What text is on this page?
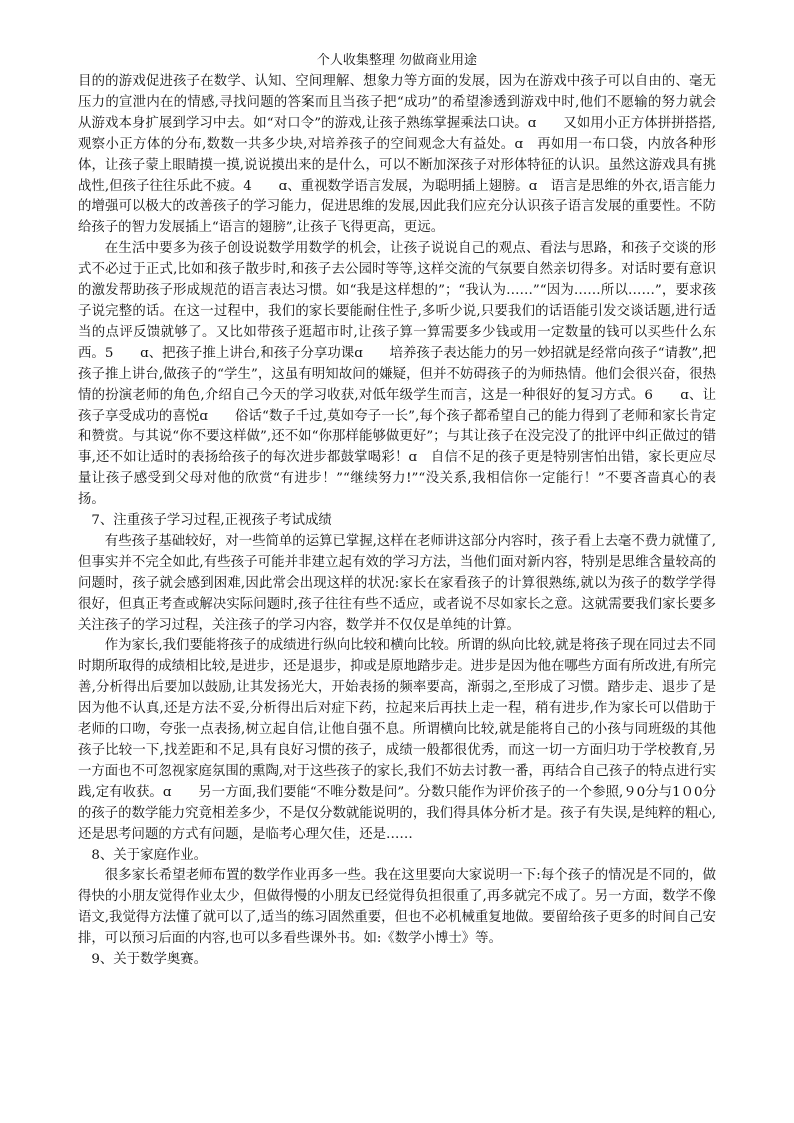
个人收集整理 勿做商业用途

目的的游戏促进孩子在数学、认知、空间理解、想象力等方面的发展，因为在游戏中孩子可以自由的、毫无压力的宣泄内在的情感,寻找问题的答案而且当孩子把“成功”的希望渗透到游戏中时,他们不愿输的努力就会从游戏本身扩展到学习中去。如“对口令”的游戏,让孩子熟练掌握乘法口诀。ɑ　　又如用小正方体拼拼搭搭,观察小正方体的分布,数数一共多少块,对培养孩子的空间观念大有益处。ɑ　再如用一布口袋，内放各种形体，让孩子蒙上眼睛摸一摸,说说摸出来的是什么，可以不断加深孩子对形体特征的认识。虽然这游戏具有挑战性,但孩子往往乐此不疲。4　　ɑ、重视数学语言发展，为聪明插上翅膀。ɑ　语言是思维的外衣,语言能力的增强可以极大的改善孩子的学习能力，促进思维的发展,因此我们应充分认识孩子语言发展的重要性。不防给孩子的智力发展插上“语言的翅膀”,让孩子飞得更高，更远。

在生活中要多为孩子创设说数学用数学的机会，让孩子说说自己的观点、看法与思路，和孩子交谈的形式不必过于正式,比如和孩子散步时,和孩子去公园时等等,这样交流的气氛要自然亲切得多。对话时要有意识的激发帮助孩子形成规范的语言表达习惯。如“我是这样想的”；“我认为……”“因为……所以……”，要求孩子说完整的话。在这一过程中，我们的家长要能耐住性子,多听少说,只要我们的话语能引发交谈话题,进行适当的点评反馈就够了。又比如带孩子逛超市时,让孩子算一算需要多少钱或用一定数量的钱可以买些什么东西。5　　ɑ、把孩子推上讲台,和孩子分享功课ɑ　　培养孩子表达能力的另一妙招就是经常向孩子“请教”,把孩子推上讲台,做孩子的“学生”，这虽有明知故问的嫌疑，但并不妨碍孩子的为师热情。他们会很兴奋，很热情的扮演老师的角色,介绍自己今天的学习收获,对低年级学生而言，这是一种很好的复习方式。6　　ɑ、让孩子享受成功的喜悦ɑ　　俗话“数子千过,莫如夸子一长”,每个孩子都希望自己的能力得到了老师和家长肯定和赞赏。与其说“你不要这样做”,还不如“你那样能够做更好”；与其让孩子在没完没了的批评中纠正做过的错事,还不如让适时的表扬给孩子的每次进步都鼓掌喝彩！ɑ　自信不足的孩子更是特别害怕出错，家长更应尽量让孩子感受到父母对他的欣赏“有进步！”“继续努力!”“没关系,我相信你一定能行！”不要吝啬真心的表扬。

7、注重孩子学习过程,正视孩子考试成绩

有些孩子基础较好，对一些简单的运算已掌握,这样在老师讲这部分内容时，孩子看上去毫不费力就懂了,但事实并不完全如此,有些孩子可能并非建立起有效的学习方法，当他们面对新内容，特别是思维含量较高的问题时，孩子就会感到困难,因此常会出现这样的状况:家长在家看孩子的计算很熟练,就以为孩子的数学学得很好，但真正考查或解决实际问题时,孩子往往有些不适应，或者说不尽如家长之意。这就需要我们家长要多关注孩子的学习过程，关注孩子的学习内容，数学并不仅仅是单纯的计算。

作为家长,我们要能将孩子的成绩进行纵向比较和横向比较。所谓的纵向比较,就是将孩子现在同过去不同时期所取得的成绩相比较,是进步，还是退步，抑或是原地踏步走。进步是因为他在哪些方面有所改进,有所完善,分析得出后要加以鼓励,让其发扬光大，开始表扬的频率要高，渐弱之,至形成了习惯。踏步走、退步了是因为他不认真,还是方法不妥,分析得出后对症下药，拉起来后再扶上走一程，稍有进步,作为家长可以借助于老师的口吻，夸张一点表扬,树立起自信,让他自强不息。所谓横向比较,就是能将自己的小孩与同班级的其他孩子比较一下,找差距和不足,具有良好习惯的孩子，成绩一般都很优秀，而这一切一方面归功于学校教育,另一方面也不可忽视家庭氛围的熏陶,对于这些孩子的家长,我们不妨去讨教一番，再结合自己孩子的特点进行实践,定有收获。ɑ　　另一方面,我们要能“不唯分数是问”。分数只能作为评价孩子的一个参照,９0分与1０0分的孩子的数学能力究竟相差多少，不是仅分数就能说明的，我们得具体分析才是。孩子有失误,是纯粹的粗心,还是思考问题的方式有问题，是临考心理欠佳，还是……

8、关于家庭作业。

很多家长希望老师布置的数学作业再多一些。我在这里要向大家说明一下:每个孩子的情况是不同的，做得快的小朋友觉得作业太少，但做得慢的小朋友已经觉得负担很重了,再多就完不成了。另一方面，数学不像语文,我觉得方法懂了就可以了,适当的练习固然重要，但也不必机械重复地做。要留给孩子更多的时间自己安排，可以预习后面的内容,也可以多看些课外书。如:《数学小博士》等。

9、关于数学奥赛。
